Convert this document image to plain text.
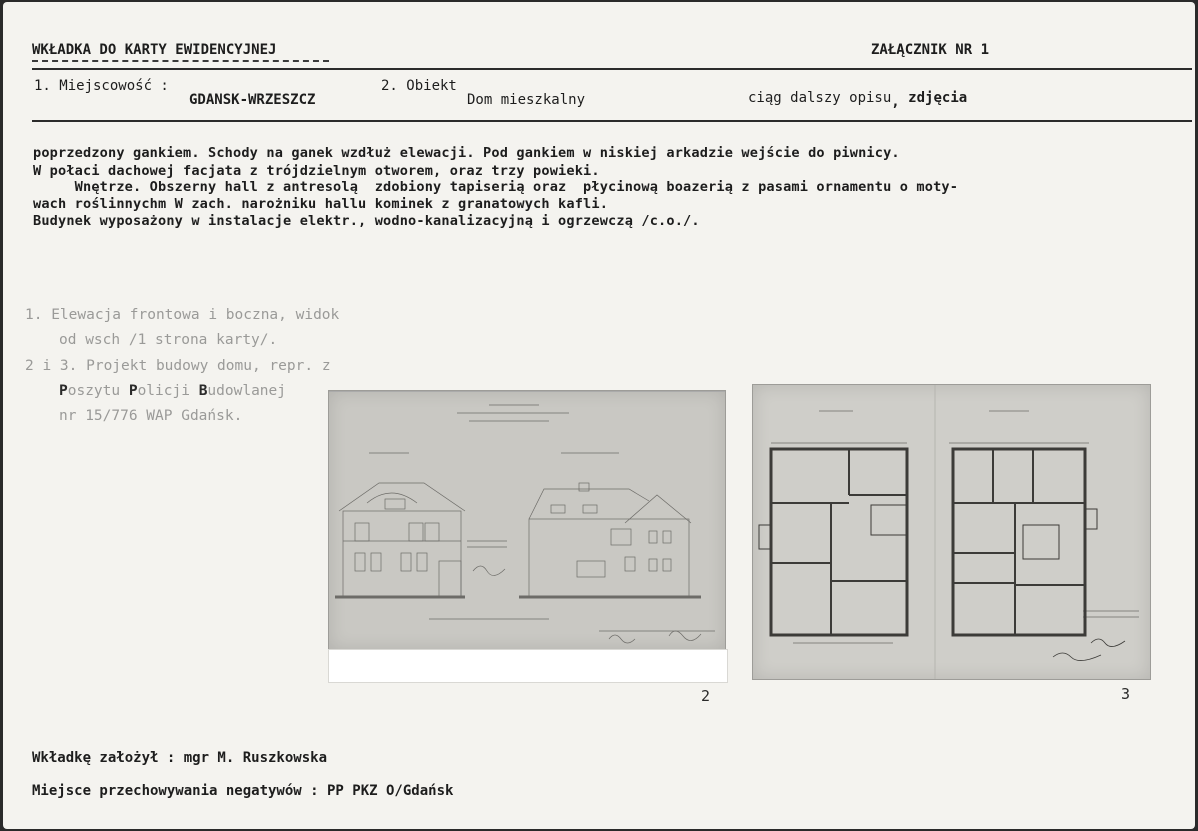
WKŁADKA DO KARTY EWIDENCYJNEJ	ZAŁĄCZNIK NR 1
1. Miejscowość :
GDANSK-WRZESZCZ
2. Obiekt
Dom mieszkalny	ciąg dalszy opisu, zdjęcia
poprzedzony gankiem. Schody na ganek wzdłuż elewacji. Pod gankiem w niskiej arkadzie wejście do piwnicy.
W połaci dachowej facjata z trójdzielnym otworem, oraz trzy powieki.
Wnętrze. Obszerny hall z antresolą  zdobiony tapiserią oraz  płycinową boazerią z pasami ornamentu o moty-
wach roślinnychm W zach. narożniku hallu kominek z granatowych kafli.
Budynek wyposażony w instalacje elektr., wodno-kanalizacyjną i ogrzewczą /c.o./.
1. Elewacja frontowa i boczna, widok
od wsch /1 strona karty/.
2 i 3. Projekt budowy domu, repr. z
Poszytu Policji Budowlanej
nr 15/776 WAP Gdańsk.
2	3
Wkładkę założył : mgr M. Ruszkowska
Miejsce przechowywania negatywów : PP PKZ O/Gdańsk
